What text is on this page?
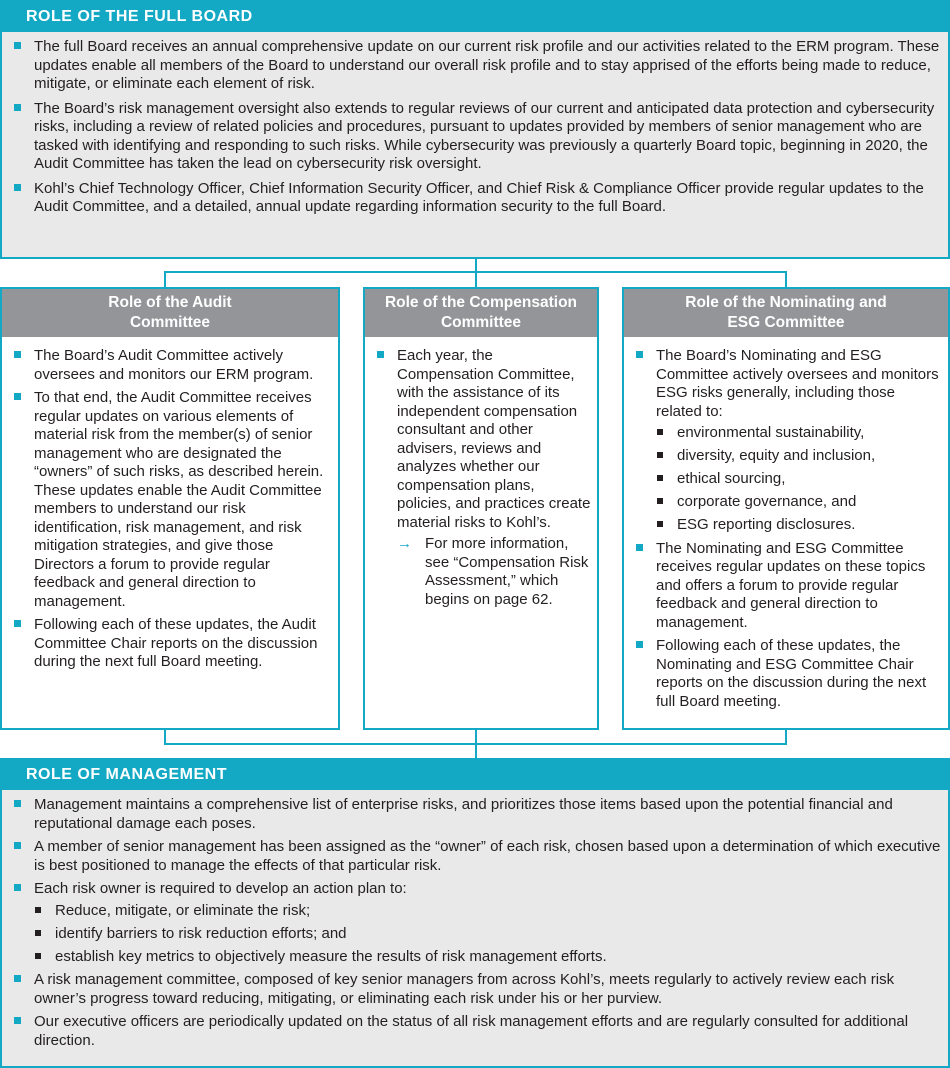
ROLE OF THE FULL BOARD
The full Board receives an annual comprehensive update on our current risk profile and our activities related to the ERM program. These updates enable all members of the Board to understand our overall risk profile and to stay apprised of the efforts being made to reduce, mitigate, or eliminate each element of risk.
The Board’s risk management oversight also extends to regular reviews of our current and anticipated data protection and cybersecurity risks, including a review of related policies and procedures, pursuant to updates provided by members of senior management who are tasked with identifying and responding to such risks. While cybersecurity was previously a quarterly Board topic, beginning in 2020, the Audit Committee has taken the lead on cybersecurity risk oversight.
Kohl’s Chief Technology Officer, Chief Information Security Officer, and Chief Risk & Compliance Officer provide regular updates to the Audit Committee, and a detailed, annual update regarding information security to the full Board.
Role of the Audit
Committee
The Board’s Audit Committee actively oversees and monitors our ERM program.
To that end, the Audit Committee receives regular updates on various elements of material risk from the member(s) of senior management who are designated the “owners” of such risks, as described herein. These updates enable the Audit Committee members to understand our risk identification, risk management, and risk mitigation strategies, and give those Directors a forum to provide regular feedback and general direction to management.
Following each of these updates, the Audit Committee Chair reports on the discussion during the next full Board meeting.
Role of the Compensation
Committee
Each year, the Compensation Committee, with the assistance of its independent compensation consultant and other advisers, reviews and analyzes whether our compensation plans, policies, and practices create material risks to Kohl’s.
→ For more information, see “Compensation Risk Assessment,” which begins on page 62.
Role of the Nominating and
ESG Committee
The Board’s Nominating and ESG Committee actively oversees and monitors ESG risks generally, including those related to:
environmental sustainability,
diversity, equity and inclusion,
ethical sourcing,
corporate governance, and
ESG reporting disclosures.
The Nominating and ESG Committee receives regular updates on these topics and offers a forum to provide regular feedback and general direction to management.
Following each of these updates, the Nominating and ESG Committee Chair reports on the discussion during the next full Board meeting.
ROLE OF MANAGEMENT
Management maintains a comprehensive list of enterprise risks, and prioritizes those items based upon the potential financial and reputational damage each poses.
A member of senior management has been assigned as the “owner” of each risk, chosen based upon a determination of which executive is best positioned to manage the effects of that particular risk.
Each risk owner is required to develop an action plan to:
Reduce, mitigate, or eliminate the risk;
identify barriers to risk reduction efforts; and
establish key metrics to objectively measure the results of risk management efforts.
A risk management committee, composed of key senior managers from across Kohl’s, meets regularly to actively review each risk owner’s progress toward reducing, mitigating, or eliminating each risk under his or her purview.
Our executive officers are periodically updated on the status of all risk management efforts and are regularly consulted for additional direction.
